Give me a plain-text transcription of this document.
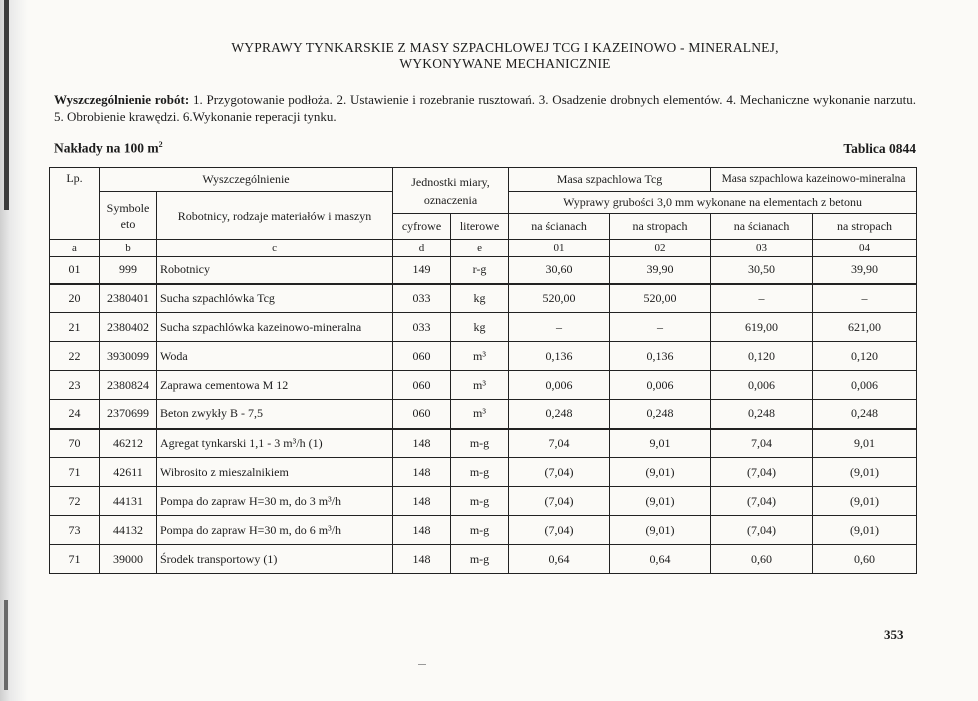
WYPRAWY TYNKARSKIE Z MASY SZPACHLOWEJ TCG I KAZEINOWO - MINERALNEJ,
WYKONYWANE MECHANICZNIE
Wyszczególnienie robót: 1. Przygotowanie podłoża. 2. Ustawienie i rozebranie rusztowań. 3. Osadzenie drobnych elementów. 4. Mechaniczne wykonanie narzutu. 5. Obrobienie krawędzi. 6.Wykonanie reperacji tynku.
Nakłady na 100 $m^2$	Tablica 0844
Lp.	Wyszczególnienie		Jednostki miary, oznaczenia		Masa szpachlowa Tcg		Masa szpachlowa kazeinowo-mineralna	
	Symbole eto	Robotnicy, rodzaje materiałów i maszyn			Wyprawy grubości 3,0 mm wykonane na elementach z betonu			
			cyfrowe	literowe	na ścianach	na stropach	na ścianach	na stropach
a	b	c	d	e	01	02	03	04
01	999	Robotnicy	149	r-g	30,60	39,90	30,50	39,90
20	2380401	Sucha szpachlówka Tcg	033	kg	520,00	520,00	–	–
21	2380402	Sucha szpachlówka kazeinowo-mineralna	033	kg	–	–	619,00	621,00
22	3930099	Woda	060	m³	0,136	0,136	0,120	0,120
23	2380824	Zaprawa cementowa M 12	060	m³	0,006	0,006	0,006	0,006
24	2370699	Beton zwykły B - 7,5	060	m³	0,248	0,248	0,248	0,248
70	46212	Agregat tynkarski 1,1 - 3 m³/h (1)	148	m-g	7,04	9,01	7,04	9,01
71	42611	Wibrosito z mieszalnikiem	148	m-g	(7,04)	(9,01)	(7,04)	(9,01)
72	44131	Pompa do zapraw H=30 m, do 3 m³/h	148	m-g	(7,04)	(9,01)	(7,04)	(9,01)
73	44132	Pompa do zapraw H=30 m, do 6 m³/h	148	m-g	(7,04)	(9,01)	(7,04)	(9,01)
71	39000	Środek transportowy (1)	148	m-g	0,64	0,64	0,60	0,60
353
